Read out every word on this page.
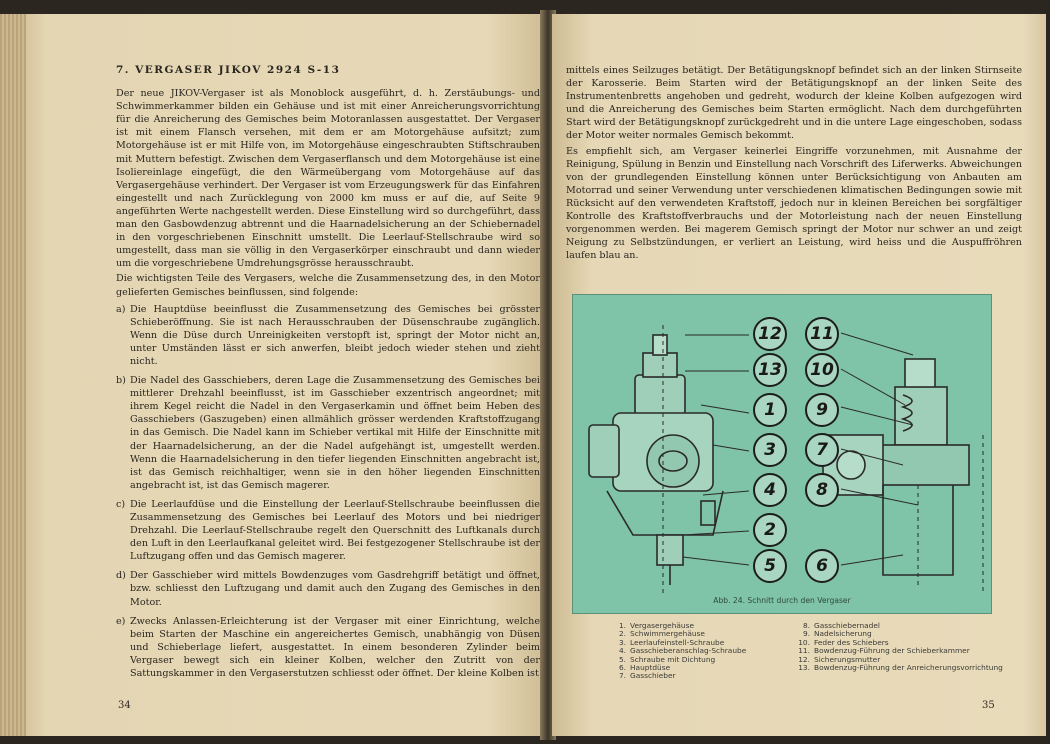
7. VERGASER JIKOV 2924 S-13

Der neue JIKOV-Vergaser ist als Monoblock ausgeführt, d. h. Zerstäubungs- und Schwimmerkammer bilden ein Gehäuse und ist mit einer Anreicherungsvorrichtung für die Anreicherung des Gemisches beim Motoranlassen ausgestattet. Der Vergaser ist mit einem Flansch versehen, mit dem er am Motorgehäuse aufsitzt; zum Motorgehäuse ist er mit Hilfe von, im Motorgehäuse eingeschraubten Stiftschrauben mit Muttern befestigt. Zwischen dem Vergaserflansch und dem Motorgehäuse ist eine Isoliereinlage eingefügt, die den Wärmeübergang vom Motorgehäuse auf das Vergasergehäuse verhindert. Der Vergaser ist vom Erzeugungswerk für das Einfahren eingestellt und nach Zurücklegung von 2000 km muss er auf die, auf Seite 9 angeführten Werte nachgestellt werden. Diese Einstellung wird so durchgeführt, dass man den Gasbowdenzug abtrennt und die Haarnadelsicherung an der Schiebernadel in den vorgeschriebenen Einschnitt umstellt. Die Leerlauf-Stellschraube wird so umgestellt, dass man sie völlig in den Vergaserkörper einschraubt und dann wieder um die vorgeschriebene Umdrehungsgrösse herausschraubt.

Die wichtigsten Teile des Vergasers, welche die Zusammensetzung des, in den Motor gelieferten Gemisches beinflussen, sind folgende:

a) Die Hauptdüse beeinflusst die Zusammensetzung des Gemisches bei grösster Schieberöffnung. Sie ist nach Herausschrauben der Düsenschraube zugänglich. Wenn die Düse durch Unreinigkeiten verstopft ist, springt der Motor nicht an, unter Umständen lässt er sich anwerfen, bleibt jedoch wieder stehen und zieht nicht.
b) Die Nadel des Gasschiebers, deren Lage die Zusammensetzung des Gemisches bei mittlerer Drehzahl beeinflusst, ist im Gasschieber exzentrisch angeordnet; mit ihrem Kegel reicht die Nadel in den Vergaserkamin und öffnet beim Heben des Gasschiebers (Gaszugeben) einen allmählich grösser werdenden Kraftstoffzugang in das Gemisch. Die Nadel kann im Schieber vertikal mit Hilfe der Einschnitte mit der Haarnadelsicherung, an der die Nadel aufgehängt ist, umgestellt werden. Wenn die Haarnadelsicherung in den tiefer liegenden Einschnitten angebracht ist, ist das Gemisch reichhaltiger, wenn sie in den höher liegenden Einschnitten angebracht ist, ist das Gemisch magerer.
c) Die Leerlaufdüse und die Einstellung der Leerlauf-Stellschraube beeinflussen die Zusammensetzung des Gemisches bei Leerlauf des Motors und bei niedriger Drehzahl. Die Leerlauf-Stellschraube regelt den Querschnitt des Luftkanals durch den Luft in den Leerlaufkanal geleitet wird. Bei festgezogener Stellschraube ist der Luftzugang offen und das Gemisch magerer.
d) Der Gasschieber wird mittels Bowdenzuges vom Gasdrehgriff betätigt und öffnet, bzw. schliesst den Luftzugang und damit auch den Zugang des Gemisches in den Motor.
e) Zwecks Anlassen-Erleichterung ist der Vergaser mit einer Einrichtung, welche beim Starten der Maschine ein angereichertes Gemisch, unabhängig von Düsen und Schieberlage liefert, ausgestattet. In einem besonderen Zylinder beim Vergaser bewegt sich ein kleiner Kolben, welcher den Zutritt von der Sattungskammer in den Vergaserstutzen schliesst oder öffnet. Der kleine Kolben ist
34

mittels eines Seilzuges betätigt. Der Betätigungsknopf befindet sich an der linken Stirnseite der Karosserie. Beim Starten wird der Betätigungsknopf an der linken Seite des Instrumentenbretts angehoben und gedreht, wodurch der kleine Kolben aufgezogen wird und die Anreicherung des Gemisches beim Starten ermöglicht. Nach dem durchgeführten Start wird der Betätigungsknopf zurückgedreht und in die untere Lage eingeschoben, sodass der Motor weiter normales Gemisch bekommt.

Es empfiehlt sich, am Vergaser keinerlei Eingriffe vorzunehmen, mit Ausnahme der Reinigung, Spülung in Benzin und Einstellung nach Vorschrift des Liferwerks. Abweichungen von der grundlegenden Einstellung können unter Berücksichtigung von Anbauten am Motorrad und seiner Verwendung unter verschiedenen klimatischen Bedingungen sowie mit Rücksicht auf den verwendeten Kraftstoff, jedoch nur in kleinen Bereichen bei sorgfältiger Kontrolle des Kraftstoffverbrauchs und der Motorleistung nach der neuen Einstellung vorgenommen werden. Bei magerem Gemisch springt der Motor nur schwer an und zeigt Neigung zu Selbstzündungen, er verliert an Leistung, wird heiss und die Auspuffröhren laufen blau an.

12	11
13	10
1	9
3	7
4	8
2
5	6
Abb. 24. Schnitt durch den Vergaser
1. Vergasergehäuse
2. Schwimmergehäuse
3. Leerlaufeinstell-Schraube
4. Gasschieberanschlag-Schraube
5. Schraube mit Dichtung
6. Hauptdüse
7. Gasschieber
8. Gasschiebernadel
9. Nadelsicherung
10. Feder des Schiebers
11. Bowdenzug-Führung der Schieberkammer
12. Sicherungsmutter
13. Bowdenzug-Führung der Anreicherungsvorrichtung
35
